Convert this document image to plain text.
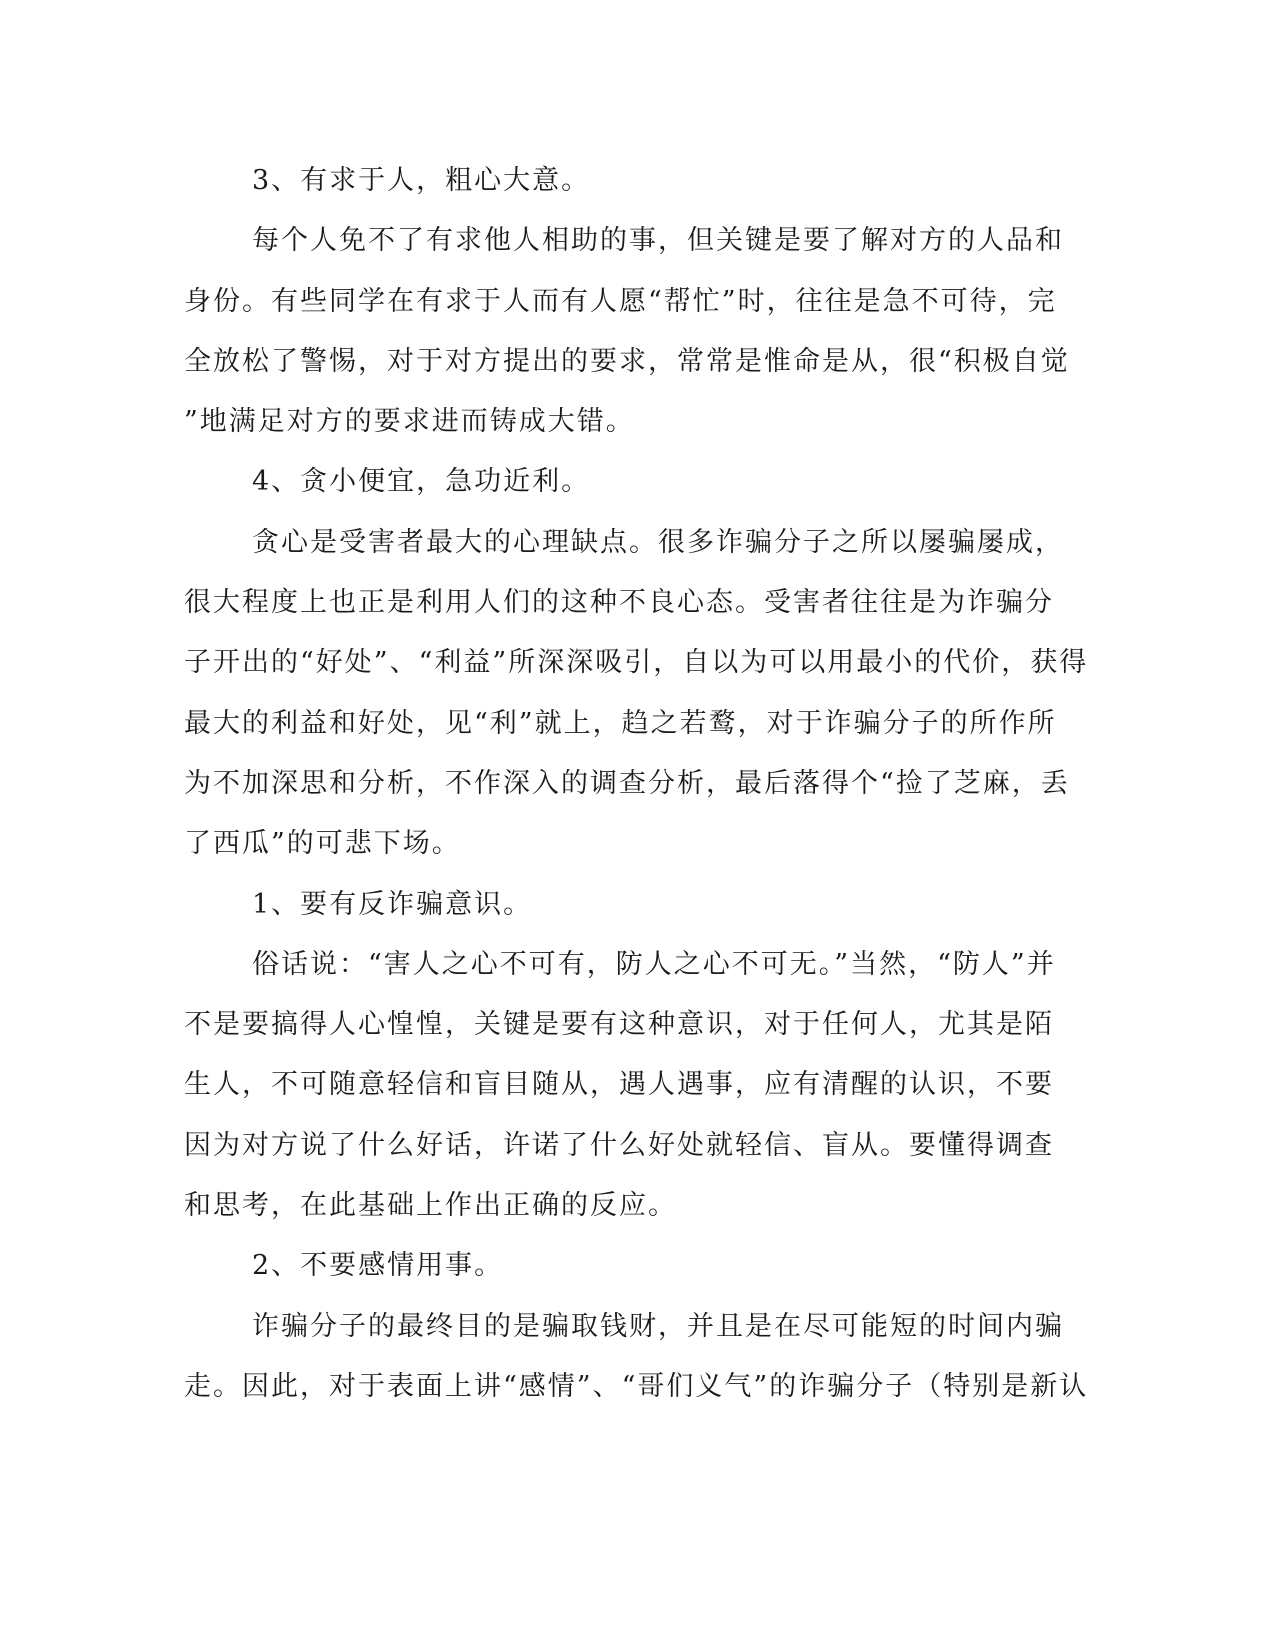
3、有求于人，粗心大意。
每个人免不了有求他人相助的事，但关键是要了解对方的人品和
身份。有些同学在有求于人而有人愿“帮忙”时，往往是急不可待，完
全放松了警惕，对于对方提出的要求，常常是惟命是从，很“积极自觉
”地满足对方的要求进而铸成大错。
4、贪小便宜，急功近利。
贪心是受害者最大的心理缺点。很多诈骗分子之所以屡骗屡成，
很大程度上也正是利用人们的这种不良心态。受害者往往是为诈骗分
子开出的“好处”、“利益”所深深吸引，自以为可以用最小的代价，获得
最大的利益和好处，见“利”就上，趋之若鹜，对于诈骗分子的所作所
为不加深思和分析，不作深入的调查分析，最后落得个“捡了芝麻，丢
了西瓜”的可悲下场。
1、要有反诈骗意识。
俗话说：“害人之心不可有，防人之心不可无。”当然，“防人”并
不是要搞得人心惶惶，关键是要有这种意识，对于任何人，尤其是陌
生人，不可随意轻信和盲目随从，遇人遇事，应有清醒的认识，不要
因为对方说了什么好话，许诺了什么好处就轻信、盲从。要懂得调查
和思考，在此基础上作出正确的反应。
2、不要感情用事。
诈骗分子的最终目的是骗取钱财，并且是在尽可能短的时间内骗
走。因此，对于表面上讲“感情”、“哥们义气”的诈骗分子（特别是新认
